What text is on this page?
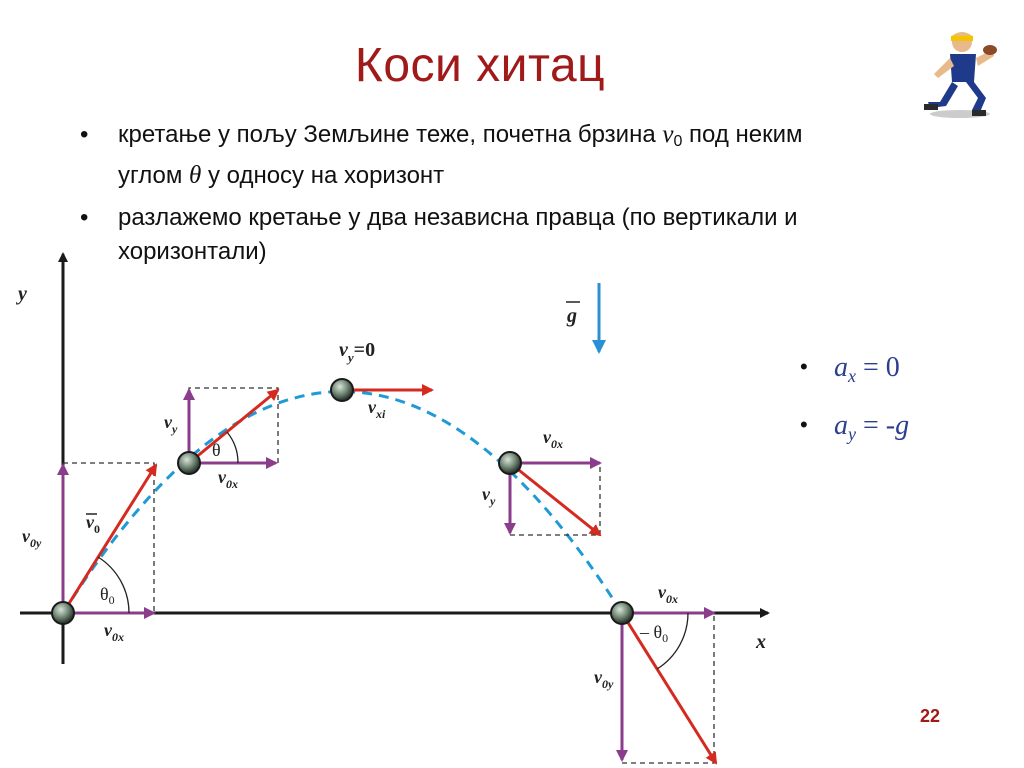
Коси хитац
• кретање у пољу Земљине теже, почетна брзина $v_0$ под неким
углом θ у односу на хоризонт
• разлажемо кретање у два независна правца (по вертикали и хоризонтали)
y
x
g
$\theta_0$
$v_{0y}$
$v_{0x}$
$v_0$
θ
$v_y$
$v_{0x}$
$v_y=0$
$v_{xi}$
$v_{0x}$
$v_y$
– $\theta_0$
$v_{0x}$
$v_{0y}$
• $a_x = 0$
• $a_y = -g$
22
